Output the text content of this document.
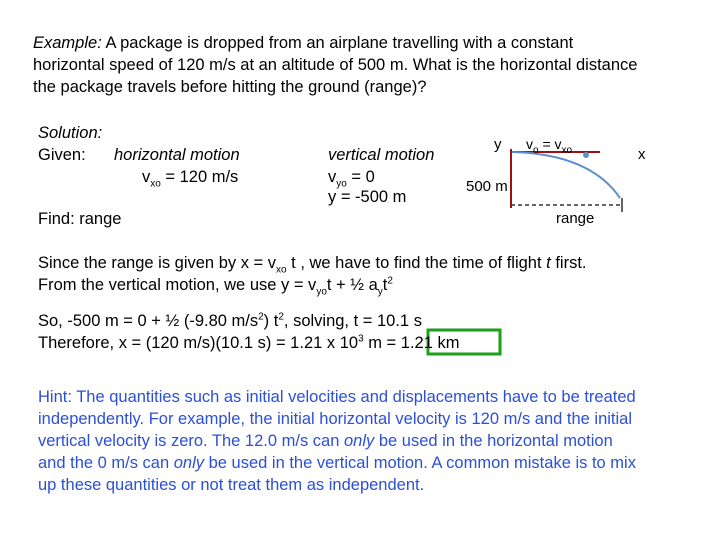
Example: A package is dropped from an airplane travelling with a constant
horizontal speed of 120 m/s at an altitude of 500 m. What is the horizontal distance
the package travels before hitting the ground (range)?
Solution:
Given: horizontal motion
$v_{xo} = 120$ m/s
vertical motion
$v_{yo} = 0$
y = -500 m
Find: range
y $v_o = v_{xo}$	x
500 m
range
Since the range is given by $x = v_{xo}$ t , we have to find the time of flight t first.
From the vertical motion, we use $y = v_{yo}t$ + ½ $a_yt^2$
So, -500 m = 0 + ½ (-9.80 $m/s^2$) $t^2$, solving, t = 10.1 s
Therefore, x = (120 m/s)(10.1 s) = 1.21 x $10^3$ m = 1.21 km
Hint: The quantities such as initial velocities and displacements have to be treated
independently. For example, the initial horizontal velocity is 120 m/s and the initial
vertical velocity is zero. The 12.0 m/s can only be used in the horizontal motion
and the 0 m/s can only be used in the vertical motion. A common mistake is to mix
up these quantities or not treat them as independent.
